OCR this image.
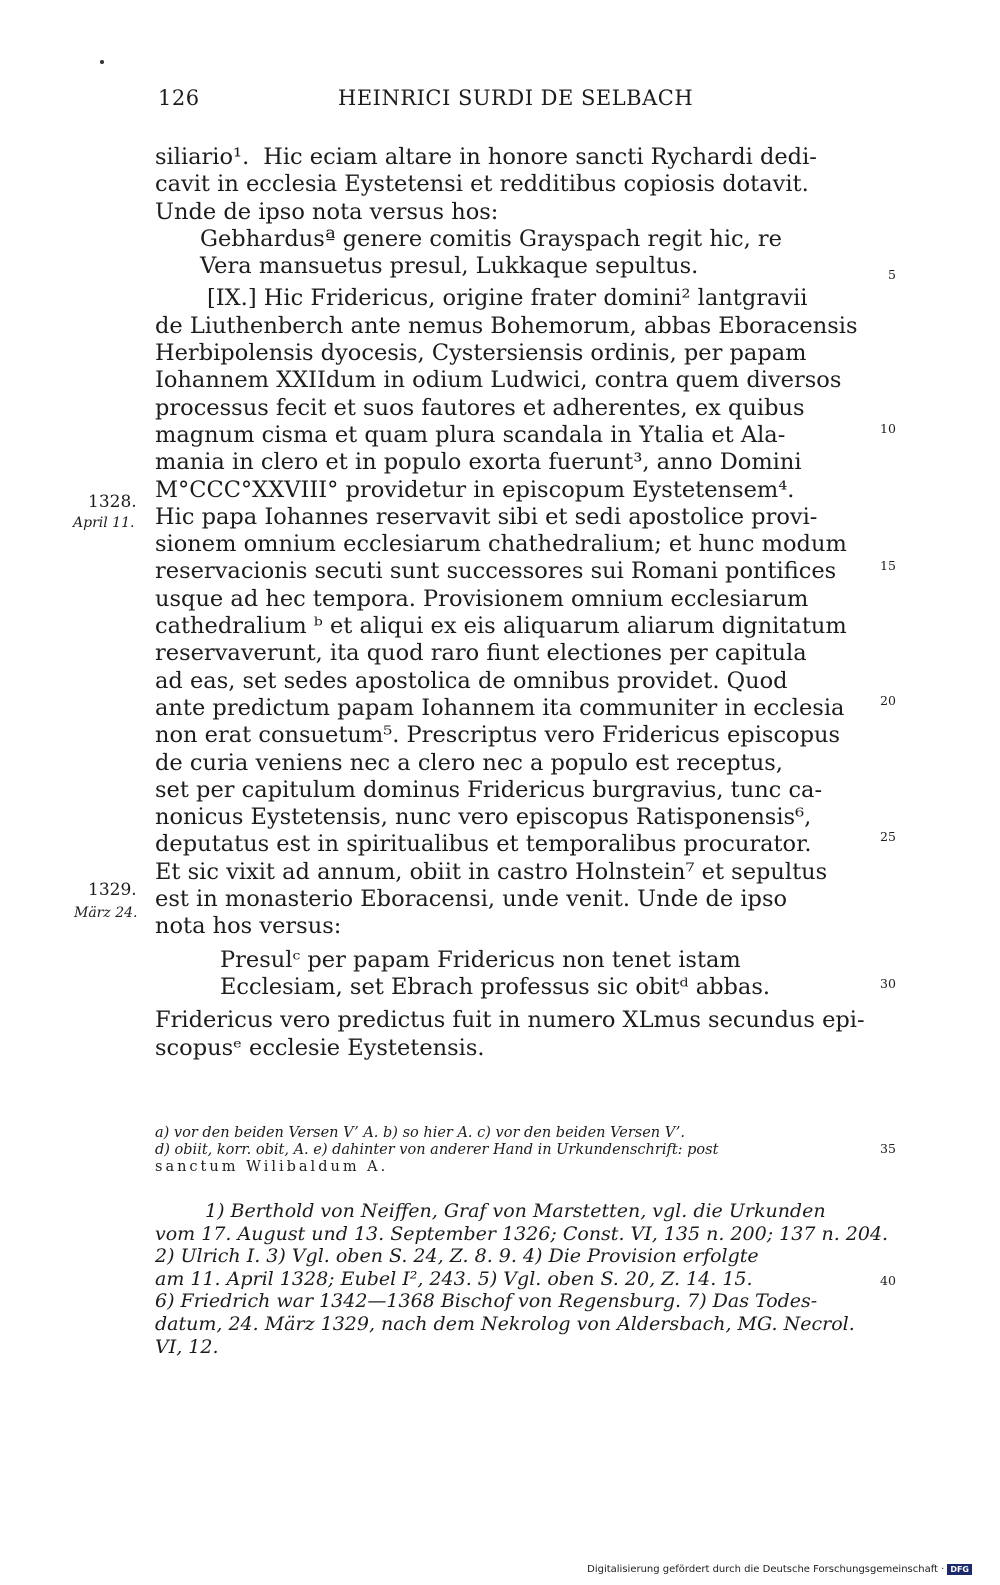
126	HEINRICI SURDI DE SELBACH
siliario¹. Hic eciam altare in honore sancti Rychardi dedi-
cavit in ecclesia Eystetensi et redditibus copiosis dotavit.
Unde de ipso nota versus hos:
Gebhardusª genere comitis Grayspach regit hic, re
Vera mansuetus presul, Lukkaque sepultus.
[IX.] Hic Fridericus, origine frater domini² lantgravii
de Liuthenberch ante nemus Bohemorum, abbas Eboracensis
Herbipolensis dyocesis, Cystersiensis ordinis, per papam
Iohannem XXIIdum in odium Ludwici, contra quem diversos
processus fecit et suos fautores et adherentes, ex quibus
magnum cisma et quam plura scandala in Ytalia et Ala-
mania in clero et in populo exorta fuerunt³, anno Domini
M°CCC°XXVIII° providetur in episcopum Eystetensem⁴.
Hic papa Iohannes reservavit sibi et sedi apostolice provi-
sionem omnium ecclesiarum chathedralium; et hunc modum
reservacionis secuti sunt successores sui Romani pontifices
usque ad hec tempora. Provisionem omnium ecclesiarum
cathedralium ᵇ et aliqui ex eis aliquarum aliarum dignitatum
reservaverunt, ita quod raro fiunt electiones per capitula
ad eas, set sedes apostolica de omnibus providet. Quod
ante predictum papam Iohannem ita communiter in ecclesia
non erat consuetum⁵. Prescriptus vero Fridericus episcopus
de curia veniens nec a clero nec a populo est receptus,
set per capitulum dominus Fridericus burgravius, tunc ca-
nonicus Eystetensis, nunc vero episcopus Ratisponensis⁶,
deputatus est in spiritualibus et temporalibus procurator.
Et sic vixit ad annum, obiit in castro Holnstein⁷ et sepultus
est in monasterio Eboracensi, unde venit. Unde de ipso
nota hos versus:
Presulᶜ per papam Fridericus non tenet istam
Ecclesiam, set Ebrach professus sic obitᵈ abbas.
Fridericus vero predictus fuit in numero XLmus secundus epi-
scopusᵉ ecclesie Eystetensis.
1328.
April 11.
1329.
März 24.
5
10
15
20
25
30
35
40
a) vor den beiden Versen V’ A. b) so hier A. c) vor den beiden Versen V’.
d) obiit, korr. obit, A. e) dahinter von anderer Hand in Urkundenschrift: post
sanctum Wilibaldum A.
1) Berthold von Neiffen, Graf von Marstetten, vgl. die Urkunden
vom 17. August und 13. September 1326; Const. VI, 135 n. 200; 137 n. 204.
2) Ulrich I. 3) Vgl. oben S. 24, Z. 8. 9. 4) Die Provision erfolgte
am 11. April 1328; Eubel I², 243. 5) Vgl. oben S. 20, Z. 14. 15.
6) Friedrich war 1342—1368 Bischof von Regensburg. 7) Das Todes-
datum, 24. März 1329, nach dem Nekrolog von Aldersbach, MG. Necrol.
VI, 12.
Digitalisierung gefördert durch die Deutsche Forschungsgemeinschaft · DFG
